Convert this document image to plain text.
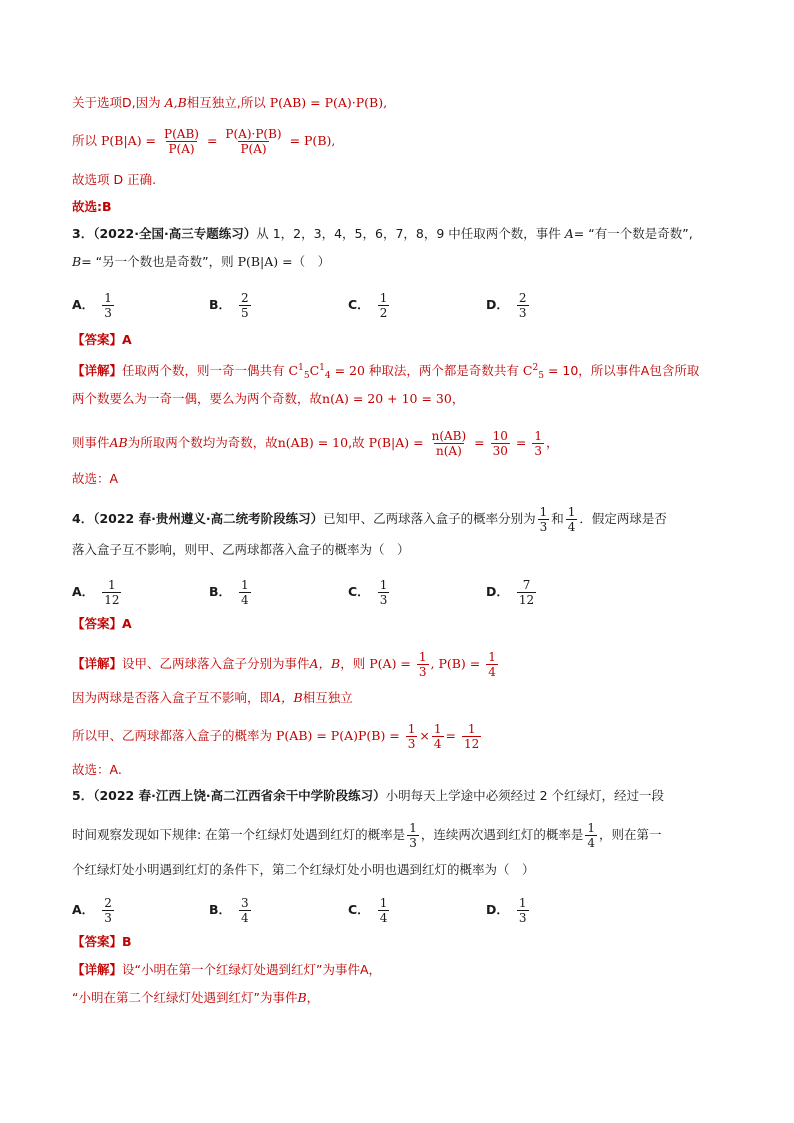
关于选项D,因为 A,B相互独立,所以 P(AB) = P(A)·P(B),
所以 $P(B|A) = \frac{P(AB)}{P(A)} = \frac{P(A)\cdot P(B)}{P(A)} = P(B)$,
故选项 D 正确.
故选:B
3．（2022·全国·高三专题练习）从 1，2，3，4，5，6，7，8，9 中任取两个数，事件 A= “有一个数是奇数”,
B= “另一个数也是奇数”，则 P(B|A) =（　）
A． $\frac{1}{3}$	B． $\frac{2}{5}$	C． $\frac{1}{2}$	D． $\frac{2}{3}$
【答案】A
【详解】任取两个数，则一奇一偶共有 $C^1_5C^1_4 = 20$ 种取法，两个都是奇数共有 $C^2_5 = 10$，所以事件A包含所取
两个数要么为一奇一偶，要么为两个奇数，故n(A) = 20 + 10 = 30，
则事件AB为所取两个数均为奇数，故n(AB) = 10,故 $P(B|A) = \frac{n(AB)}{n(A)} = \frac{10}{30} = \frac{1}{3}$ ，
故选：A
4．（2022 春·贵州遵义·高二统考阶段练习）已知甲、乙两球落入盒子的概率分别为 $\frac{1}{3}$ 和 $\frac{1}{4}$ ．假定两球是否
落入盒子互不影响，则甲、乙两球都落入盒子的概率为（　）
A． $\frac{1}{12}$	B． $\frac{1}{4}$	C． $\frac{1}{3}$	D． $\frac{7}{12}$
【答案】A
【详解】设甲、乙两球落入盒子分别为事件A，B，则 $P(A) = \frac{1}{3}$ , $P(B) = \frac{1}{4}$
因为两球是否落入盒子互不影响，即A，B相互独立
所以甲、乙两球都落入盒子的概率为 $P(AB) = P(A)P(B) = \frac{1}{3} \times \frac{1}{4} = \frac{1}{12}$
故选：A.
5．（2022 春·江西上饶·高二江西省余干中学阶段练习）小明每天上学途中必须经过 2 个红绿灯，经过一段
时间观察发现如下规律: 在第一个红绿灯处遇到红灯的概率是 $\frac{1}{3}$ ，连续两次遇到红灯的概率是 $\frac{1}{4}$ ，则在第一
个红绿灯处小明遇到红灯的条件下，第二个红绿灯处小明也遇到红灯的概率为（　）
A． $\frac{2}{3}$	B． $\frac{3}{4}$	C． $\frac{1}{4}$	D． $\frac{1}{3}$
【答案】B
【详解】设“小明在第一个红绿灯处遇到红灯”为事件A，
“小明在第二个红绿灯处遇到红灯”为事件B，
